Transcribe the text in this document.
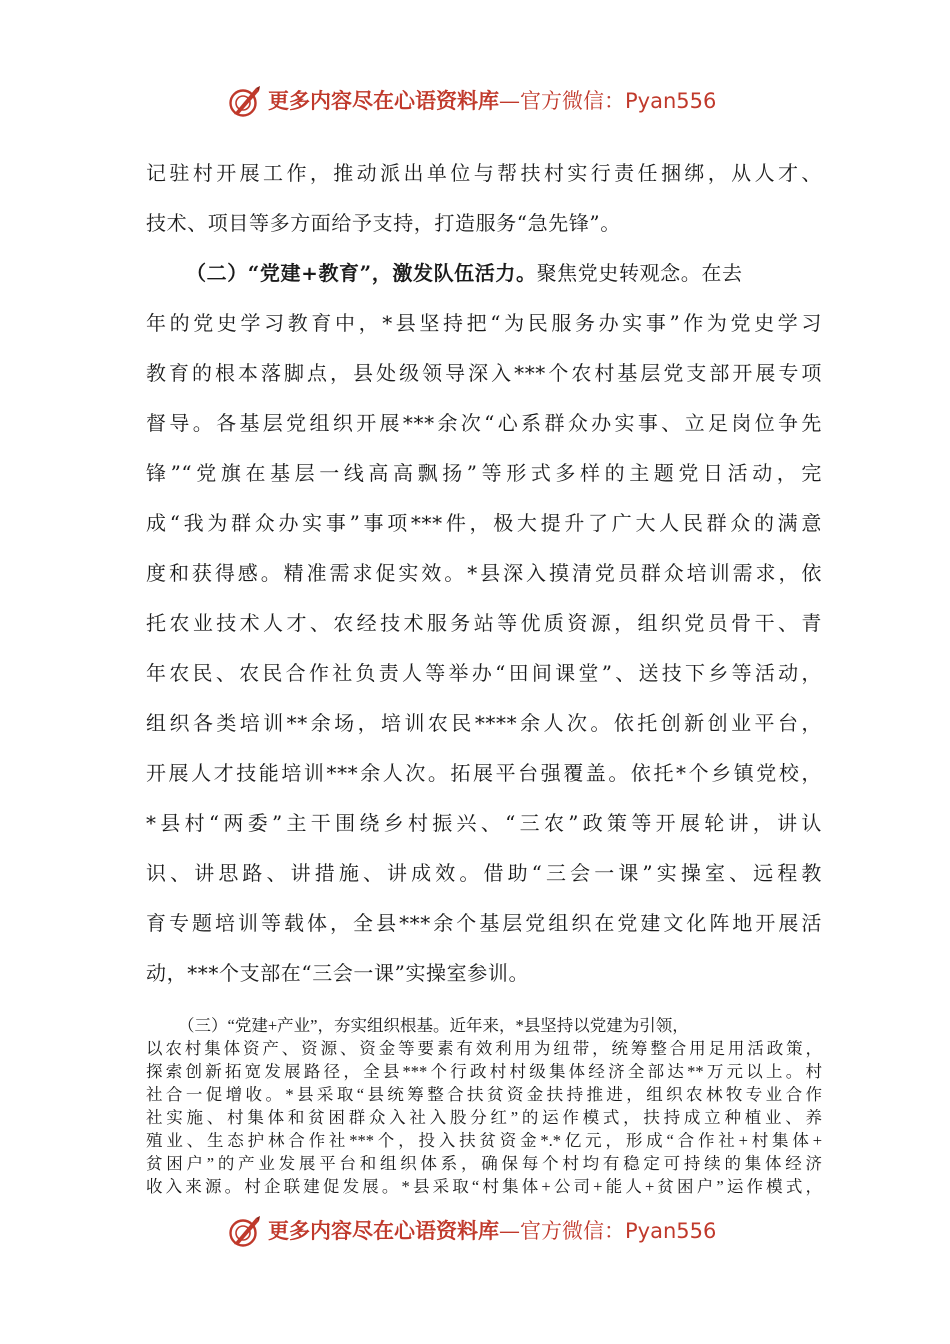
更多内容尽在心语资料库—官方微信：Pyan556
记驻村开展工作，推动派出单位与帮扶村实行责任捆绑，从人才、
技术、项目等多方面给予支持，打造服务“急先锋”。
（二）“党建+教育”，激发队伍活力。聚焦党史转观念。在去
年的党史学习教育中，*县坚持把“为民服务办实事”作为党史学习
教育的根本落脚点，县处级领导深入***个农村基层党支部开展专项
督导。各基层党组织开展***余次“心系群众办实事、立足岗位争先
锋”“党旗在基层一线高高飘扬”等形式多样的主题党日活动，完
成“我为群众办实事”事项***件，极大提升了广大人民群众的满意
度和获得感。精准需求促实效。*县深入摸清党员群众培训需求，依
托农业技术人才、农经技术服务站等优质资源，组织党员骨干、青
年农民、农民合作社负责人等举办“田间课堂”、送技下乡等活动，
组织各类培训**余场，培训农民****余人次。依托创新创业平台，
开展人才技能培训***余人次。拓展平台强覆盖。依托*个乡镇党校，
*县村“两委”主干围绕乡村振兴、“三农”政策等开展轮讲，讲认
识、讲思路、讲措施、讲成效。借助“三会一课”实操室、远程教
育专题培训等载体，全县***余个基层党组织在党建文化阵地开展活
动，***个支部在“三会一课”实操室参训。
（三）“党建+产业”，夯实组织根基。近年来，*县坚持以党建为引领，
以农村集体资产、资源、资金等要素有效利用为纽带，统筹整合用足用活政策，
探索创新拓宽发展路径，全县***个行政村村级集体经济全部达**万元以上。村
社合一促增收。*县采取“县统筹整合扶贫资金扶持推进，组织农林牧专业合作
社实施、村集体和贫困群众入社入股分红”的运作模式，扶持成立种植业、养
殖业、生态护林合作社***个，投入扶贫资金*.*亿元，形成“合作社+村集体+
贫困户”的产业发展平台和组织体系，确保每个村均有稳定可持续的集体经济
收入来源。村企联建促发展。*县采取“村集体+公司+能人+贫困户”运作模式，
更多内容尽在心语资料库—官方微信：Pyan556
